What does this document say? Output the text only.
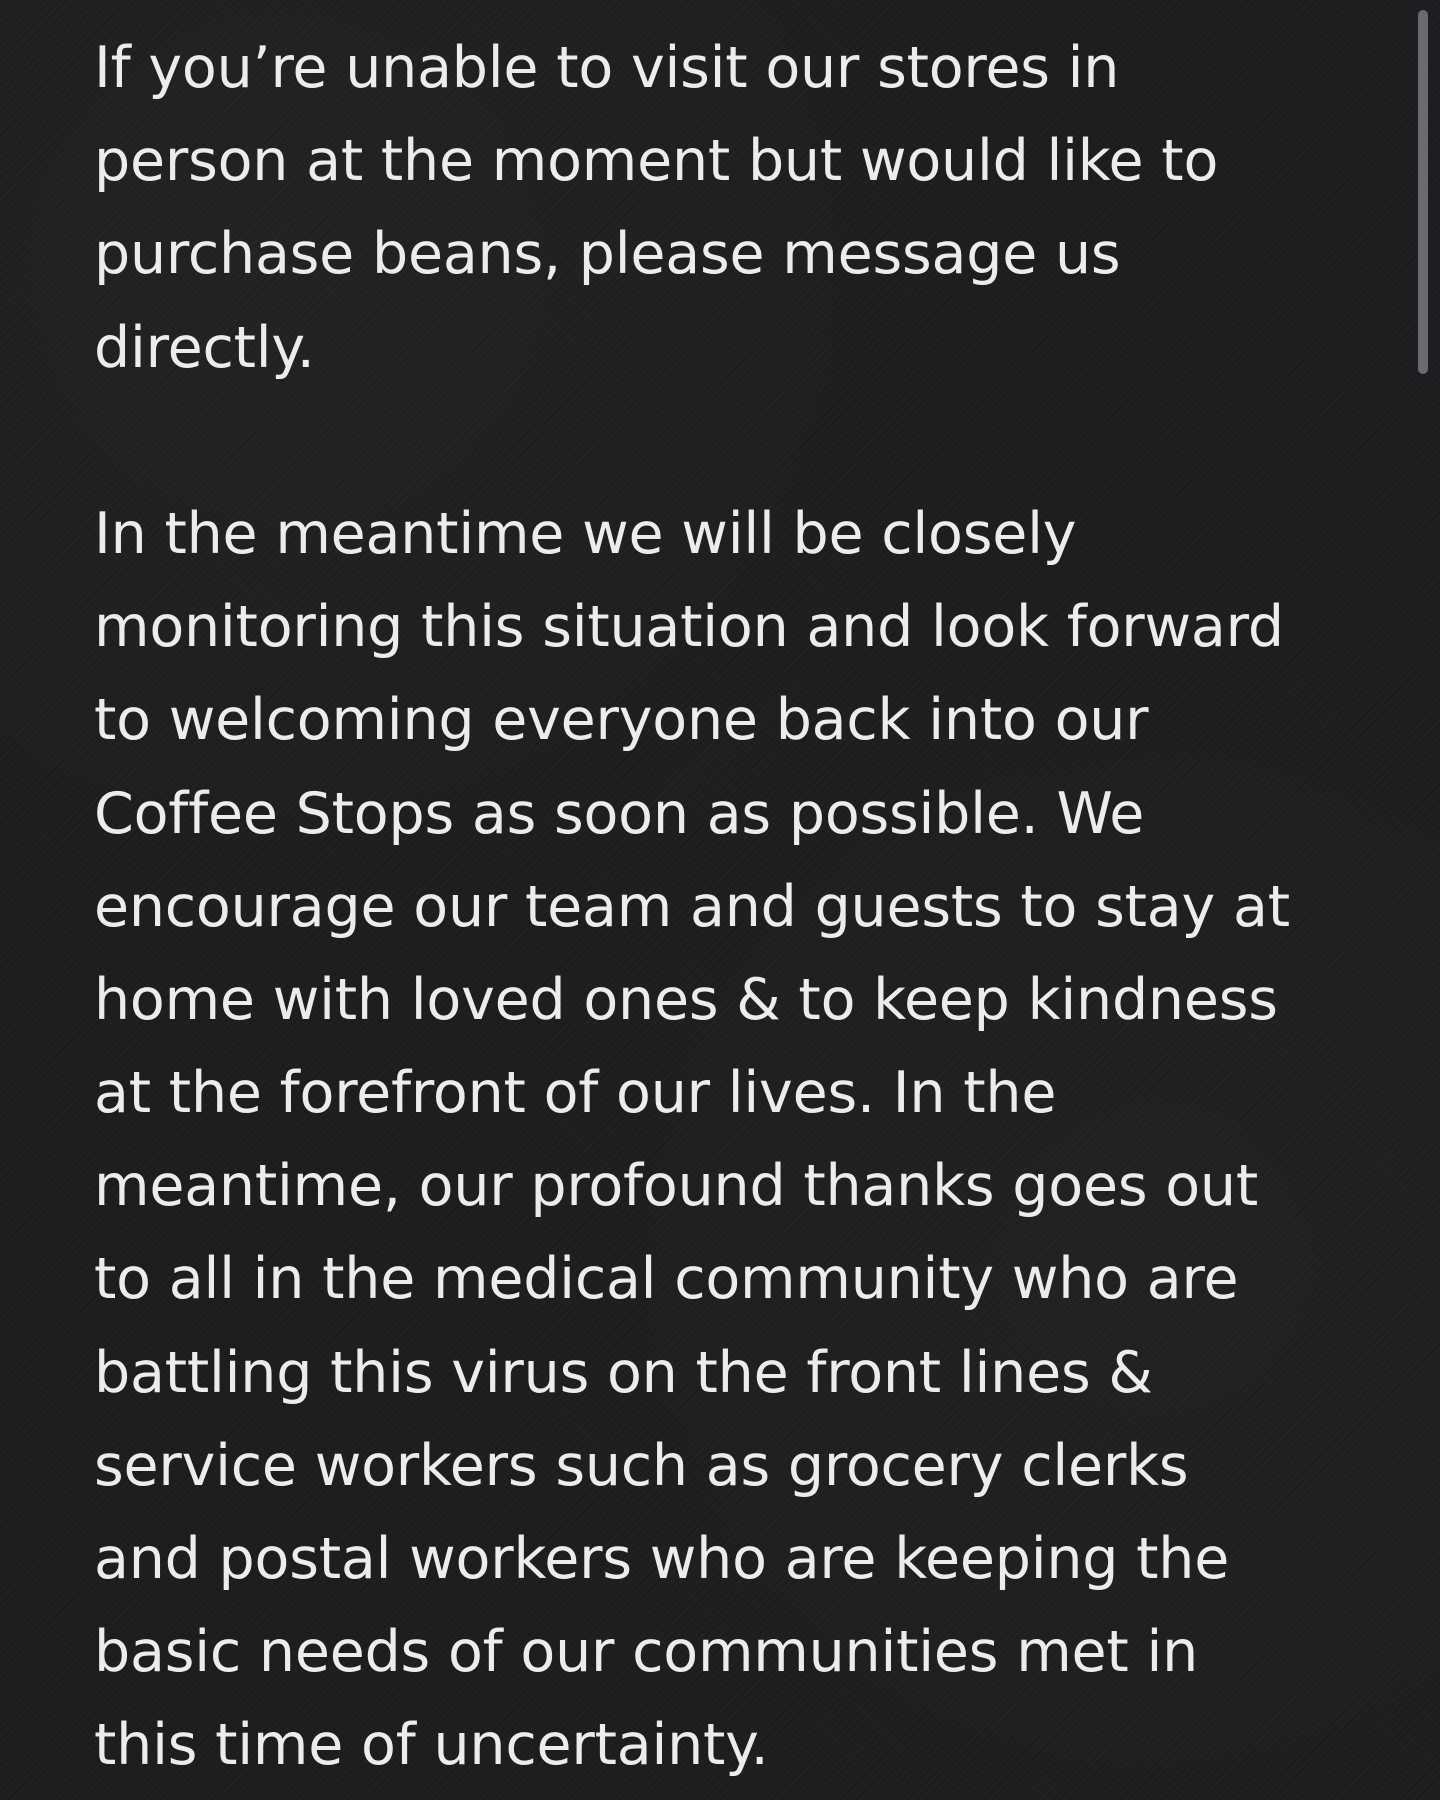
If you’re unable to visit our stores in
person at the moment but would like to
purchase beans, please message us
directly.
In the meantime we will be closely
monitoring this situation and look forward
to welcoming everyone back into our
Coffee Stops as soon as possible. We
encourage our team and guests to stay at
home with loved ones & to keep kindness
at the forefront of our lives. In the
meantime, our profound thanks goes out
to all in the medical community who are
battling this virus on the front lines &
service workers such as grocery clerks
and postal workers who are keeping the
basic needs of our communities met in
this time of uncertainty.
